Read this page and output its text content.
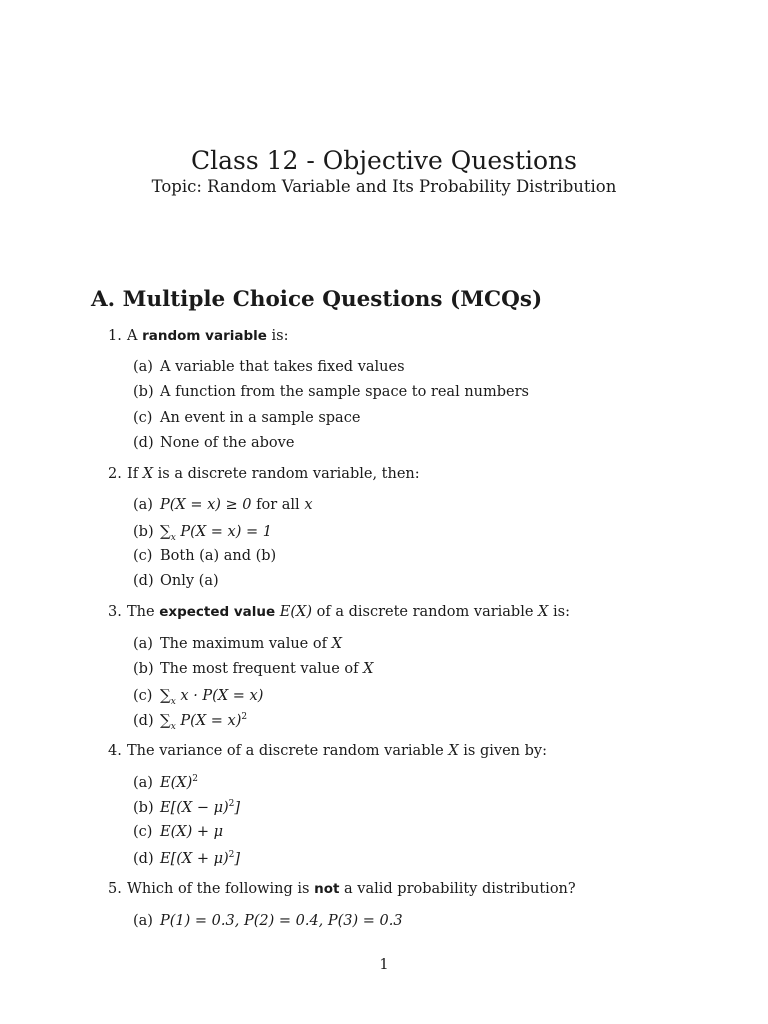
Class 12 - Objective Questions
Topic: Random Variable and Its Probability Distribution
A. Multiple Choice Questions (MCQs)
1. A random variable is:
(a) A variable that takes fixed values
(b) A function from the sample space to real numbers
(c) An event in a sample space
(d) None of the above
2. If X is a discrete random variable, then:
(a) P(X = x) ≥ 0 for all x
(b) $\sum_x$ P(X = x) = 1
(c) Both (a) and (b)
(d) Only (a)
3. The expected value E(X) of a discrete random variable X is:
(a) The maximum value of X
(b) The most frequent value of X
(c) $\sum_x$ x · P(X = x)
(d) $\sum_x$ P(X = x)$^2$
4. The variance of a discrete random variable X is given by:
(a) $E(X)^2$
(b) $E[(X - \mu)^2]$
(c) E(X) + μ
(d) $E[(X + \mu)^2]$
5. Which of the following is not a valid probability distribution?
(a) P(1) = 0.3, P(2) = 0.4, P(3) = 0.3
1
